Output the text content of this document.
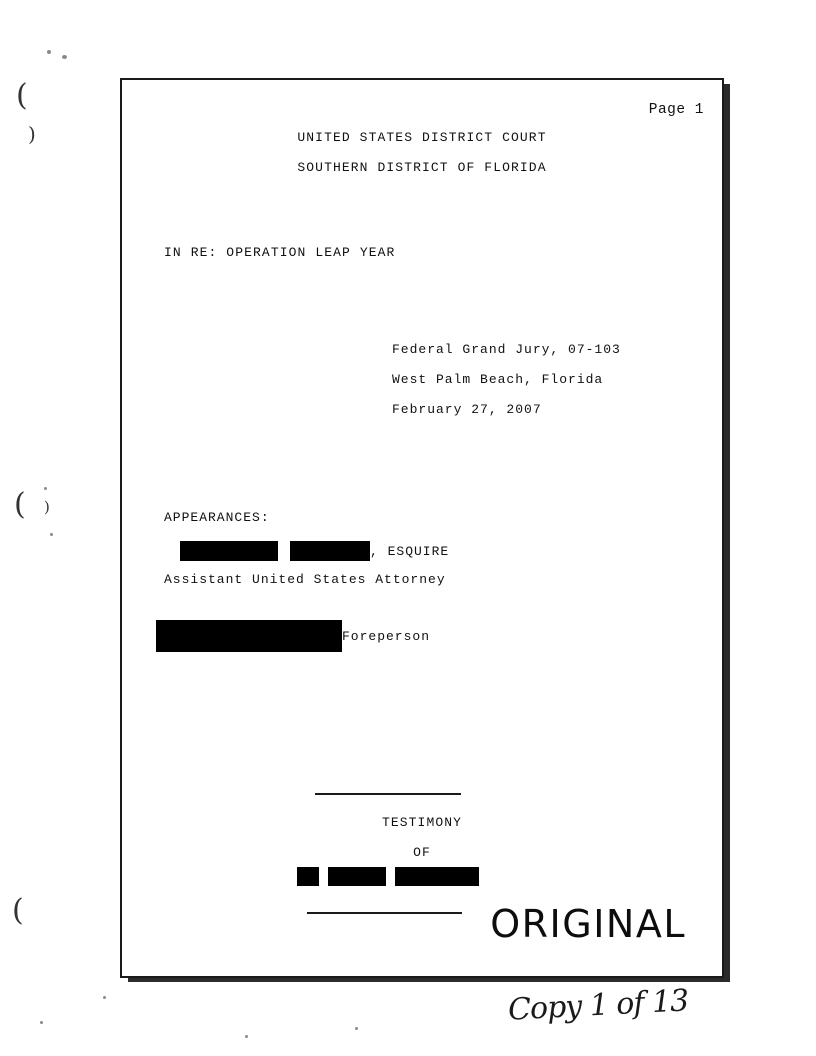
(
)
( )
(
Page 1
UNITED STATES DISTRICT COURT
SOUTHERN DISTRICT OF FLORIDA
IN RE: OPERATION LEAP YEAR
Federal Grand Jury, 07-103
West Palm Beach, Florida
February 27, 2007
APPEARANCES:
, ESQUIRE
Assistant United States Attorney
Foreperson
TESTIMONY
OF
ORIGINAL
Copy 1 of 13
